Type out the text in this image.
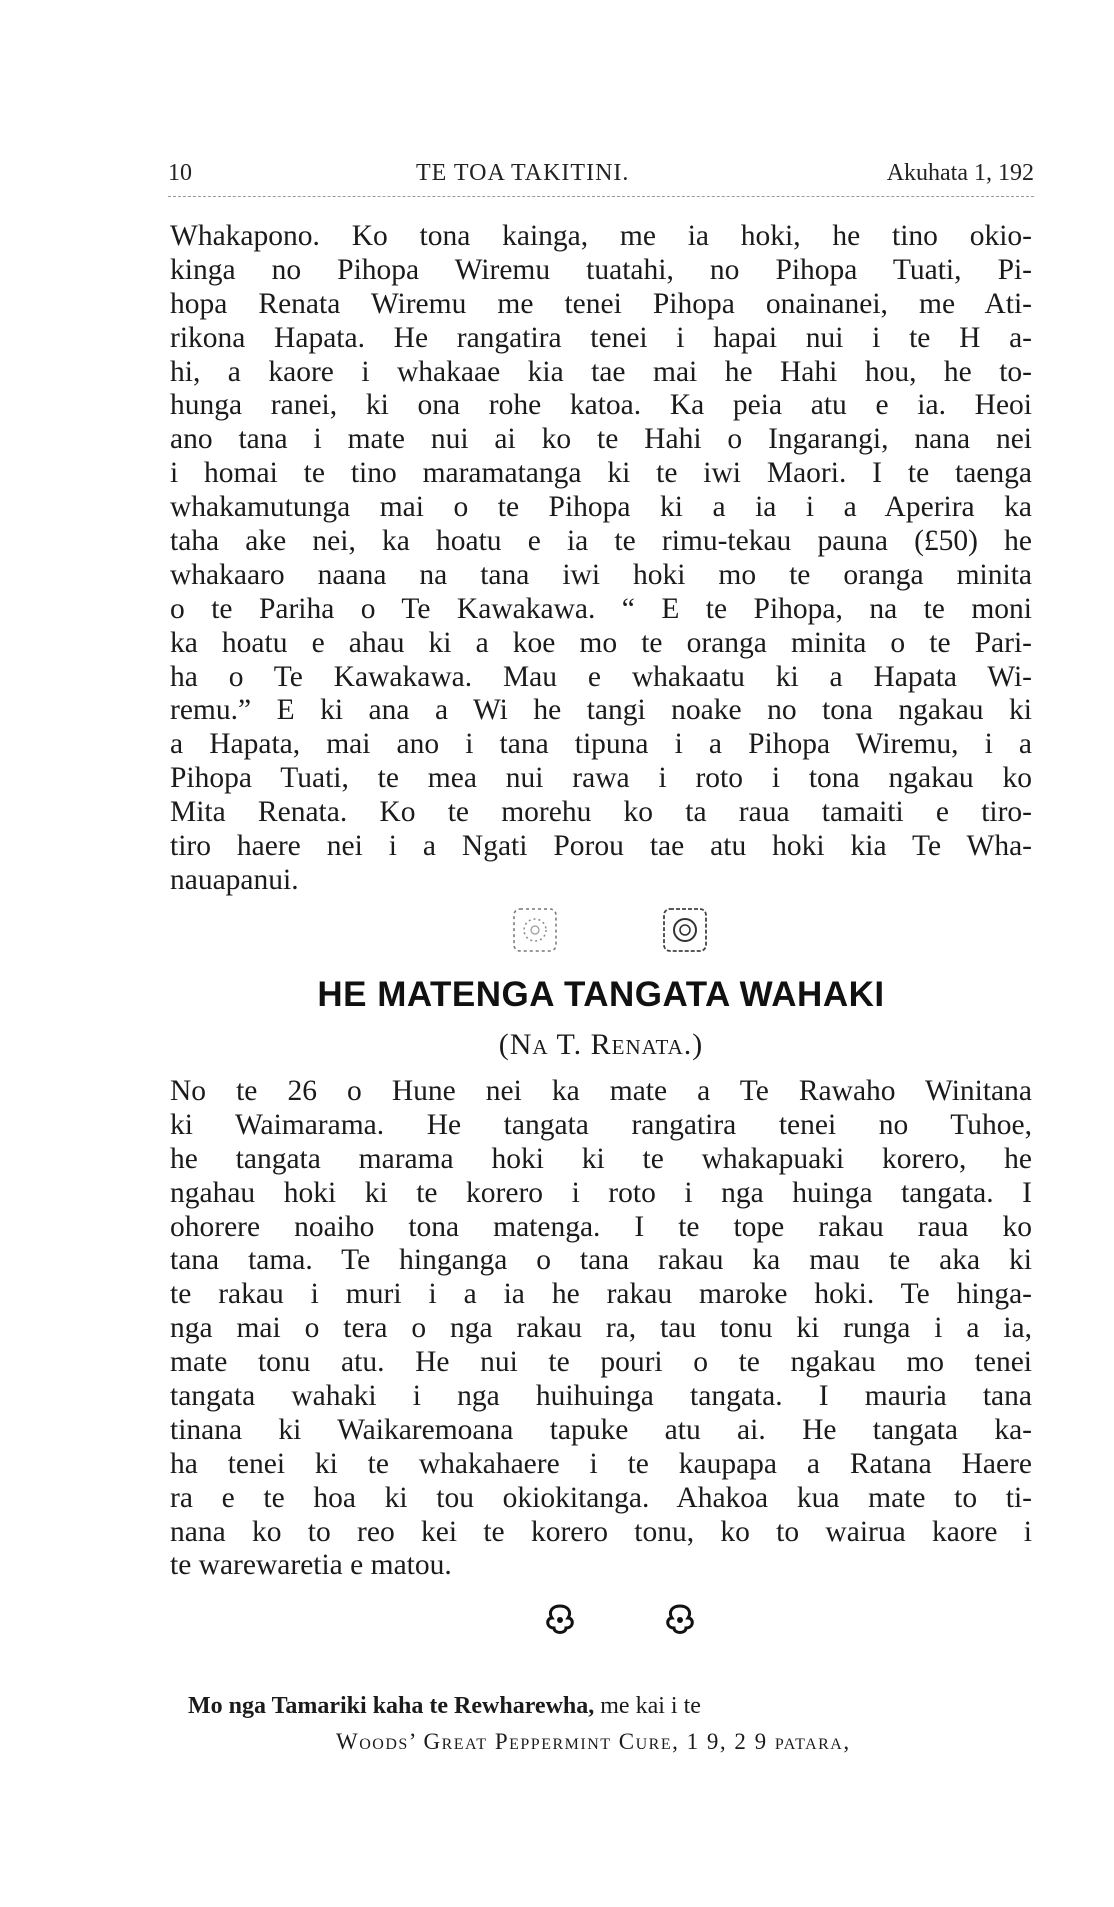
10	TE TOA TAKITINI.	Akuhata 1, 192
Whakapono. Ko tona kainga, me ia hoki, he tino okio-
kinga no Pihopa Wiremu tuatahi, no Pihopa Tuati, Pi-
hopa Renata Wiremu me tenei Pihopa onainanei, me Ati-
rikona Hapata. He rangatira tenei i hapai nui i te H a-
hi, a kaore i whakaae kia tae mai he Hahi hou, he to-
hunga ranei, ki ona rohe katoa. Ka peia atu e ia. Heoi
ano tana i mate nui ai ko te Hahi o Ingarangi, nana nei
i homai te tino maramatanga ki te iwi Maori. I te taenga
whakamutunga mai o te Pihopa ki a ia i a Aperira ka
taha ake nei, ka hoatu e ia te rimu-tekau pauna (£50) he
whakaaro naana na tana iwi hoki mo te oranga minita
o te Pariha o Te Kawakawa. “ E te Pihopa, na te moni
ka hoatu e ahau ki a koe mo te oranga minita o te Pari-
ha o Te Kawakawa. Mau e whakaatu ki a Hapata Wi-
remu.” E ki ana a Wi he tangi noake no tona ngakau ki
a Hapata, mai ano i tana tipuna i a Pihopa Wiremu, i a
Pihopa Tuati, te mea nui rawa i roto i tona ngakau ko
Mita Renata. Ko te morehu ko ta raua tamaiti e tiro-
tiro haere nei i a Ngati Porou tae atu hoki kia Te Wha-
nauapanui.
HE MATENGA TANGATA WAHAKI
(Na T. Renata.)
No te 26 o Hune nei ka mate a Te Rawaho Winitana
ki Waimarama. He tangata rangatira tenei no Tuhoe,
he tangata marama hoki ki te whakapuaki korero, he
ngahau hoki ki te korero i roto i nga huinga tangata. I
ohorere noaiho tona matenga. I te tope rakau raua ko
tana tama. Te hinganga o tana rakau ka mau te aka ki
te rakau i muri i a ia he rakau maroke hoki. Te hinga-
nga mai o tera o nga rakau ra, tau tonu ki runga i a ia,
mate tonu atu. He nui te pouri o te ngakau mo tenei
tangata wahaki i nga huihuinga tangata. I mauria tana
tinana ki Waikaremoana tapuke atu ai. He tangata ka-
ha tenei ki te whakahaere i te kaupapa a Ratana Haere
ra e te hoa ki tou okiokitanga. Ahakoa kua mate to ti-
nana ko to reo kei te korero tonu, ko to wairua kaore i
te warewaretia e matou.
Mo nga Tamariki kaha te Rewharewha, me kai i te
Woods’ Great Peppermint Cure, 1 9, 2 9 patara,
